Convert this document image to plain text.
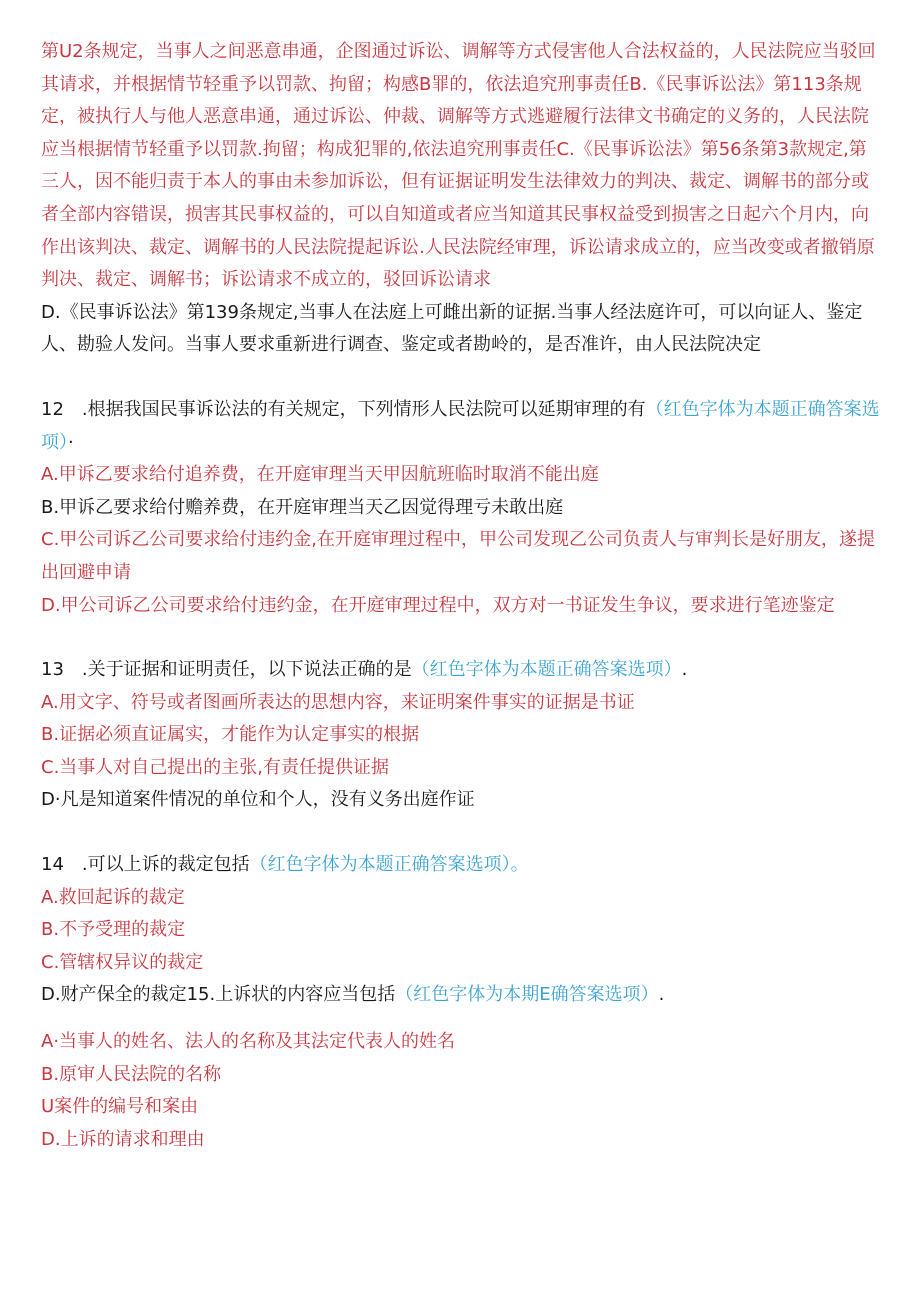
第U2条规定，当事人之间恶意串通，企图通过诉讼、调解等方式侵害他人合法权益的，人民法院应当驳回其请求，并根据情节轻重予以罚款、拘留；构感B罪的，依法追究刑事责任B.《民事诉讼法》第113条规定，被执行人与他人恶意串通，通过诉讼、仲裁、调解等方式逃避履行法律文书确定的义务的，人民法院应当根据情节轻重予以罚款.拘留；构成犯罪的,依法追究刑事责任C.《民事诉讼法》第56条第3款规定,第三人，因不能归责于本人的事由未参加诉讼，但有证据证明发生法律效力的判决、裁定、调解书的部分或者全部内容错误，损害其民事权益的，可以自知道或者应当知道其民事权益受到损害之日起六个月内，向作出该判决、裁定、调解书的人民法院提起诉讼.人民法院经审理，诉讼请求成立的，应当改变或者撤销原判决、裁定、调解书；诉讼请求不成立的，驳回诉讼请求

D.《民事诉讼法》第139条规定,当事人在法庭上可雌出新的证据.当事人经法庭许可，可以向证人、鉴定人、勘验人发问。当事人要求重新进行调查、鉴定或者勘岭的，是否准许，由人民法院决定

12　.根据我国民事诉讼法的有关规定，下列情形人民法院可以延期审理的有（红色字体为本题正确答案选项）·

A.甲诉乙要求给付追养费，在开庭审理当天甲因航班临时取消不能出庭

B.甲诉乙要求给付赡养费，在开庭审理当天乙因觉得理亏未敢出庭

C.甲公司诉乙公司要求给付违约金,在开庭审理过程中，甲公司发现乙公司负责人与审判长是好朋友，遂提出回避申请

D.甲公司诉乙公司要求给付违约金，在开庭审理过程中，双方对一书证发生争议，要求进行笔迹鉴定

13　.关于证据和证明责任，以下说法正确的是（红色字体为本题正确答案选项）.

A.用文字、符号或者图画所表达的思想内容，来证明案件事实的证据是书证

B.证据必须直证属实，才能作为认定事实的根据

C.当事人对自己提出的主张,有责任提供证据

D·凡是知道案件情况的单位和个人，没有义务出庭作证

14　.可以上诉的裁定包括（红色字体为本题正确答案选项）。

A.救回起诉的裁定

B.不予受理的裁定

C.管辖权异议的裁定

D.财产保全的裁定15.上诉状的内容应当包括（红色字体为本期E确答案选项）.

A·当事人的姓名、法人的名称及其法定代表人的姓名

B.原审人民法院的名称

U案件的编号和案由

D.上诉的请求和理由
